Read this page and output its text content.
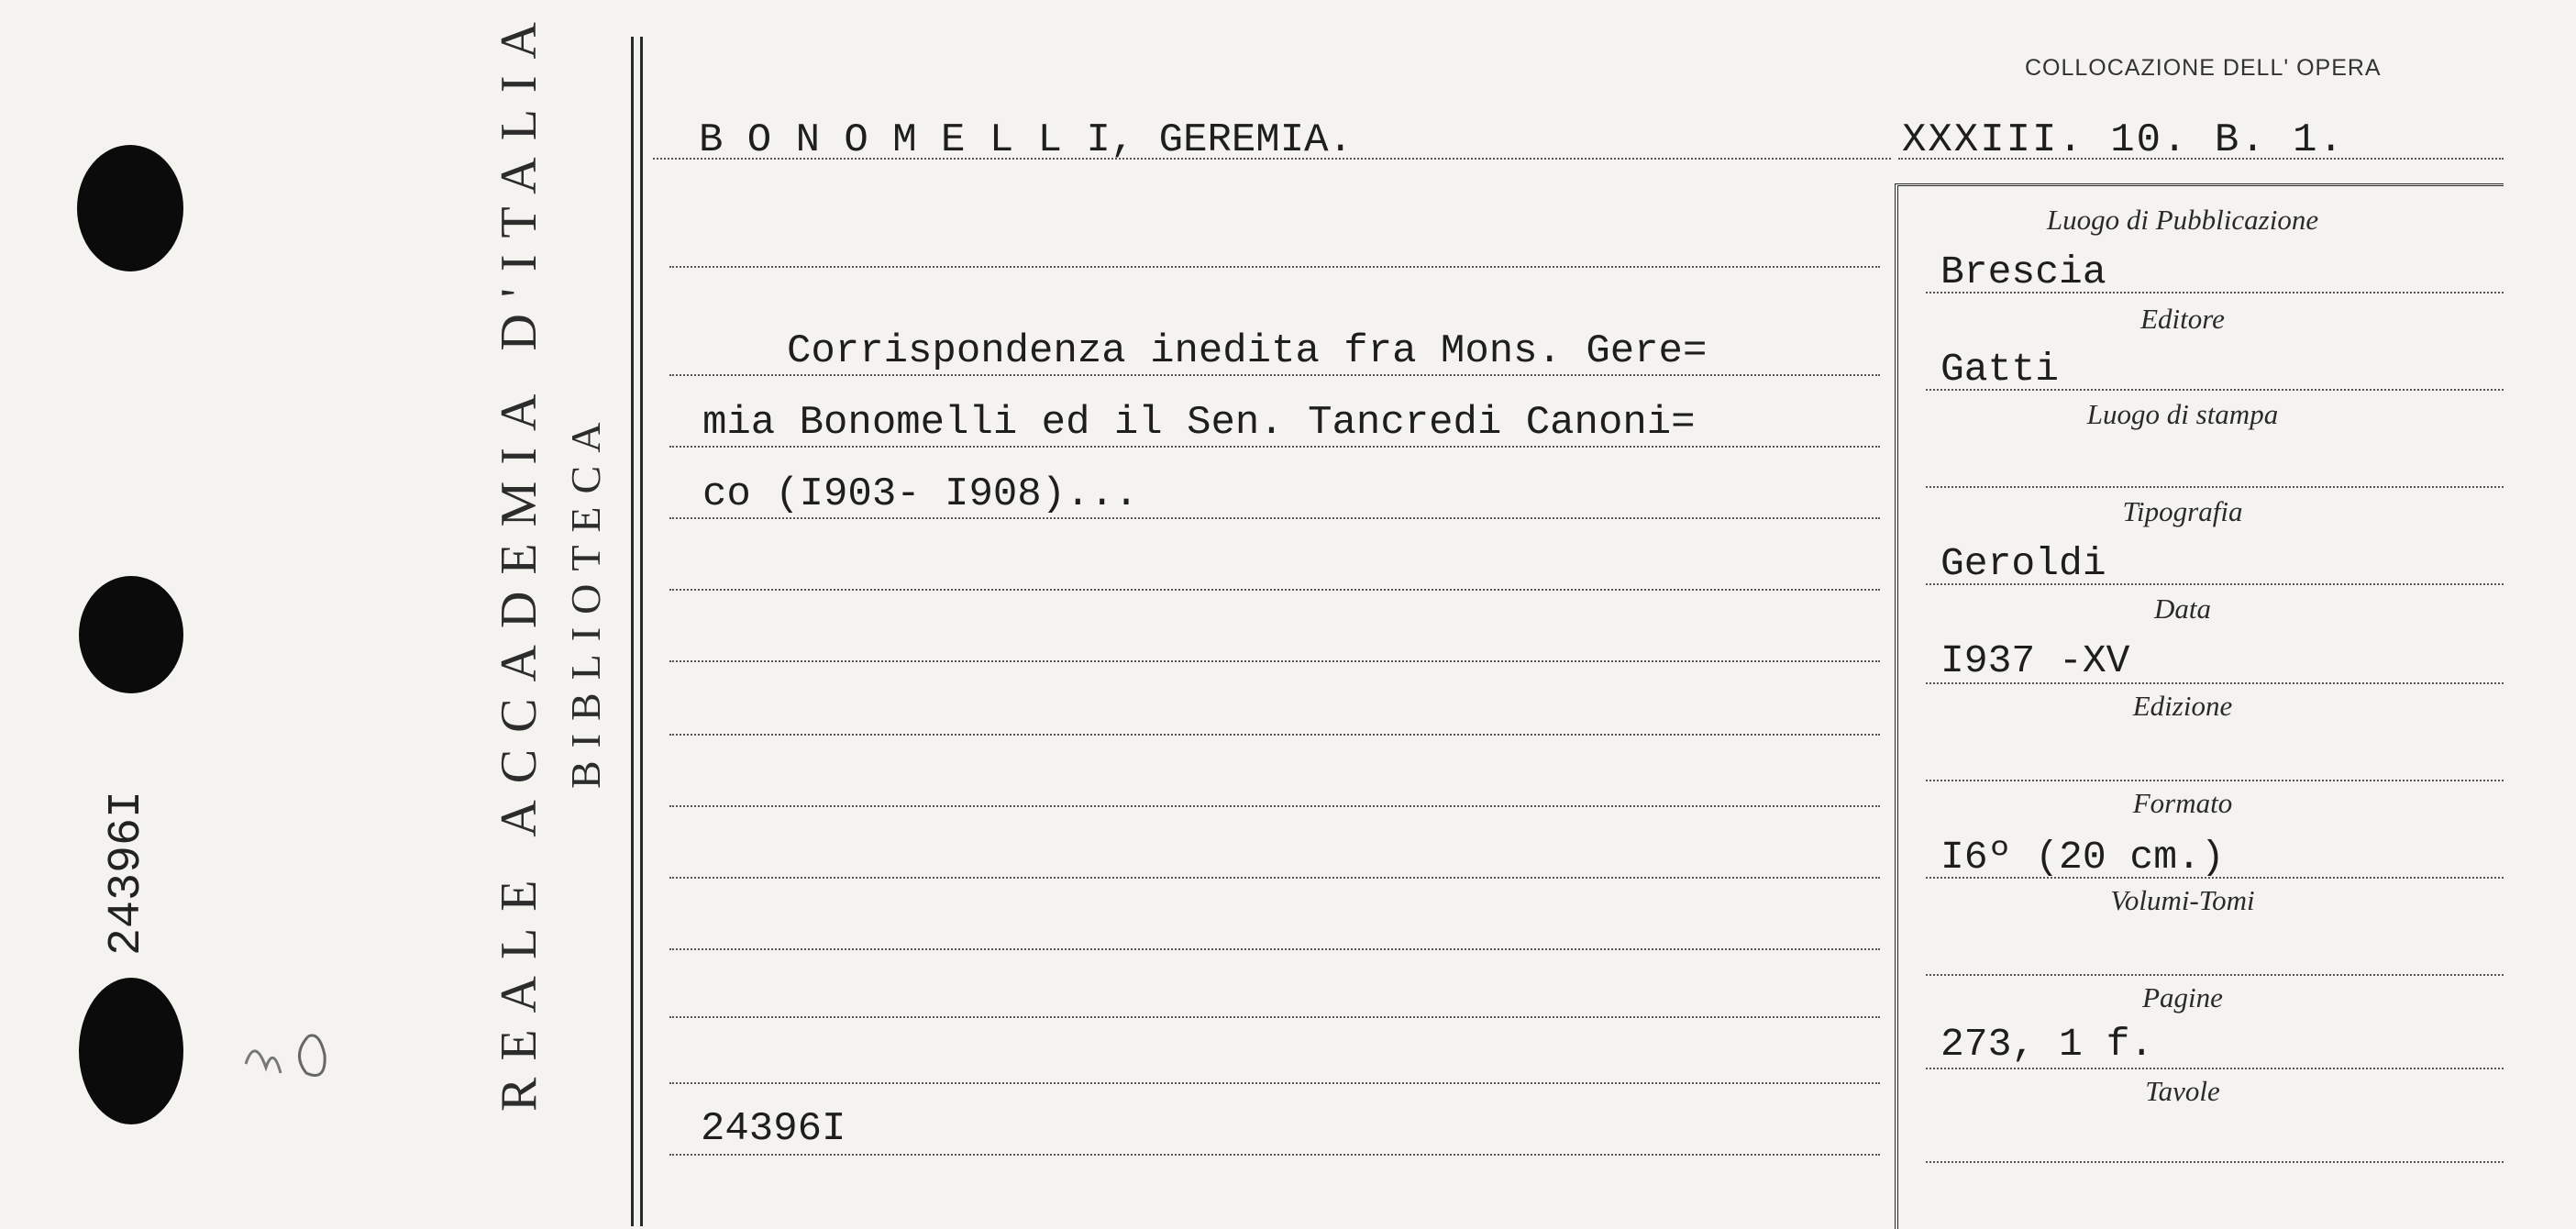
24396I	REALE ACCADEMIA D'ITALIA BIBLIOTECA
COLLOCAZIONE DELL' OPERA
B O N O M E L L I, GEREMIA.	XXXIII. 10. B. 1.
Corrispondenza inedita fra Mons. Gere=
mia Bonomelli ed il Sen. Tancredi Canoni=
co (I903- I908)...
24396I
Luogo di Pubblicazione
Brescia
Editore
Gatti
Luogo di stampa
Tipografia
Geroldi
Data
I937 -XV
Edizione
Formato
I6º (20 cm.)
Volumi-Tomi
Pagine
273, 1 f.
Tavole
